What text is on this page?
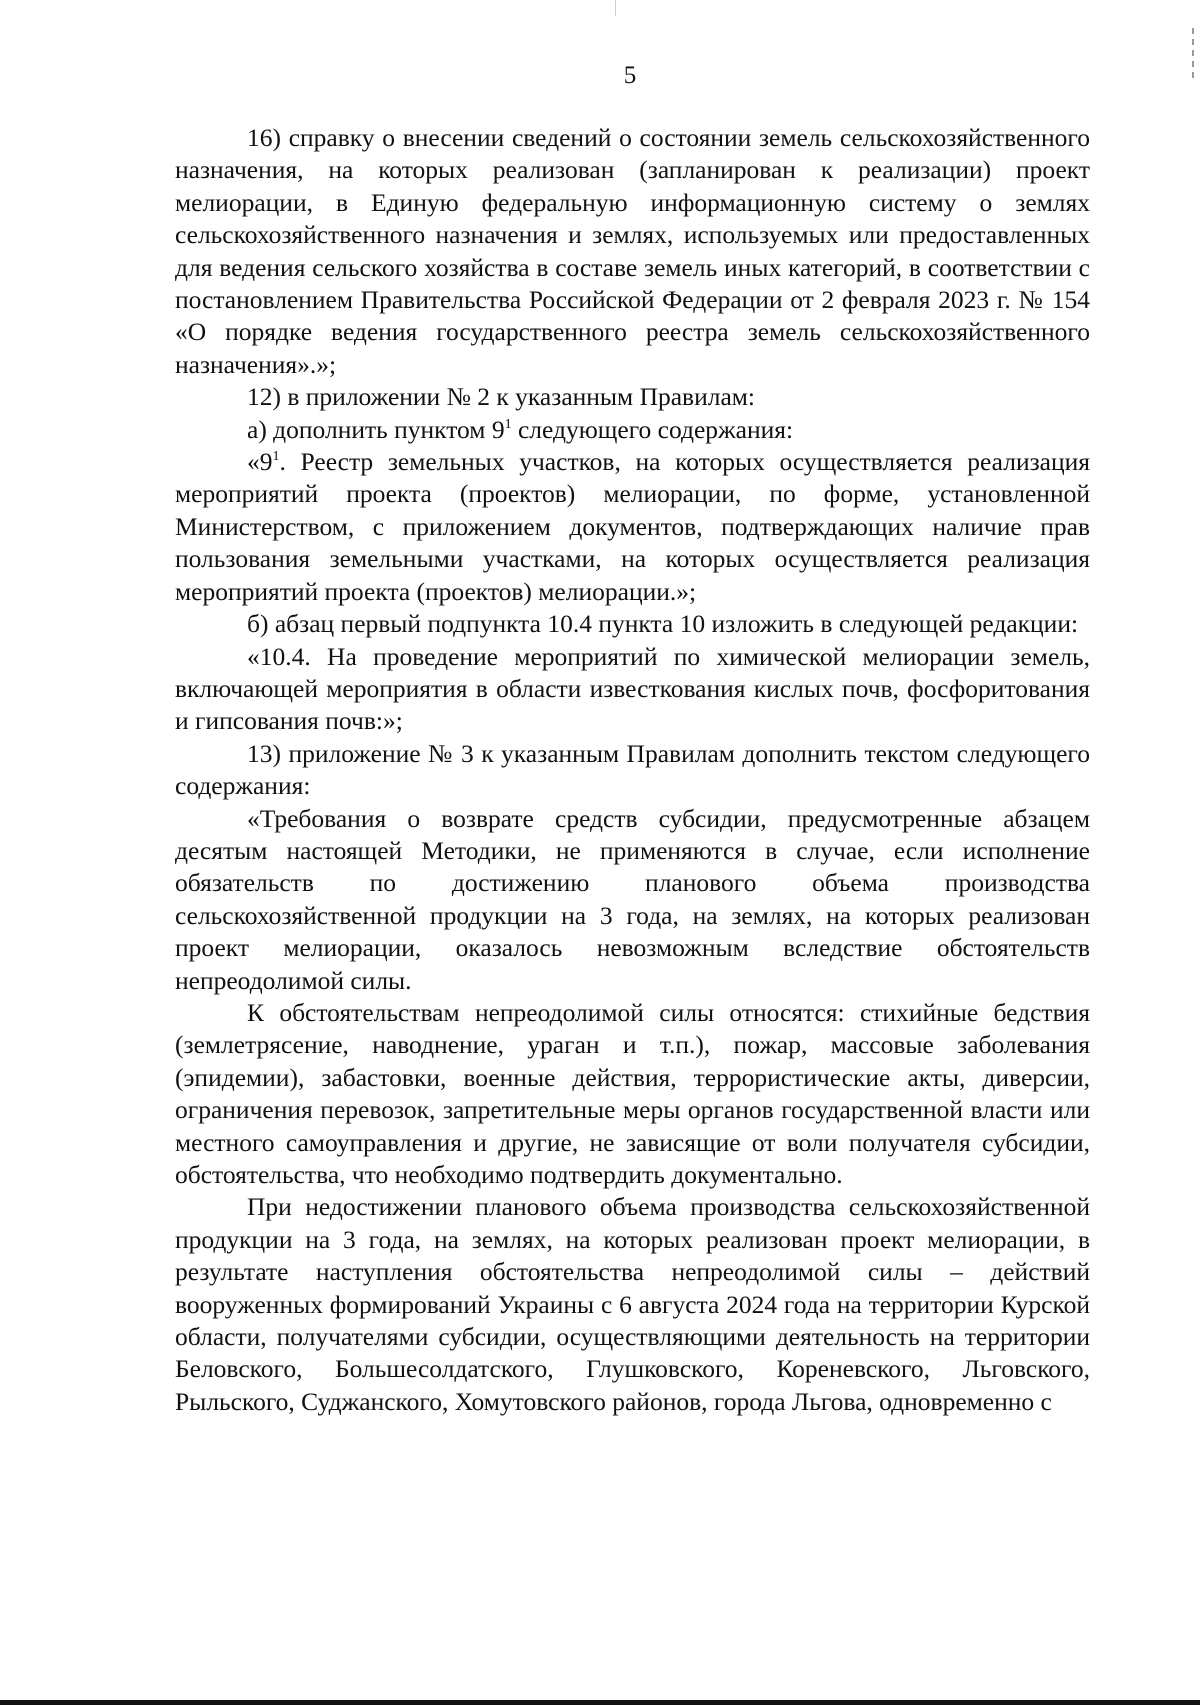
5

16) справку о внесении сведений о состоянии земель сельскохозяйственного назначения, на которых реализован (запланирован к реализации) проект мелиорации, в Единую федеральную информационную систему о землях сельскохозяйственного назначения и землях, используемых или предоставленных для ведения сельского хозяйства в составе земель иных категорий, в соответствии с постановлением Правительства Российской Федерации от 2 февраля 2023 г. № 154 «О порядке ведения государственного реестра земель сельскохозяйственного назначения».»;

12) в приложении № 2 к указанным Правилам:

а) дополнить пунктом $9^1$ следующего содержания:

«$9^1$. Реестр земельных участков, на которых осуществляется реализация мероприятий проекта (проектов) мелиорации, по форме, установленной Министерством, с приложением документов, подтверждающих наличие прав пользования земельными участками, на которых осуществляется реализация мероприятий проекта (проектов) мелиорации.»;

б) абзац первый подпункта 10.4 пункта 10 изложить в следующей редакции:

«10.4. На проведение мероприятий по химической мелиорации земель, включающей мероприятия в области известкования кислых почв, фосфоритования и гипсования почв:»;

13) приложение № 3 к указанным Правилам дополнить текстом следующего содержания:

«Требования о возврате средств субсидии, предусмотренные абзацем десятым настоящей Методики, не применяются в случае, если исполнение обязательств по достижению планового объема производства сельскохозяйственной продукции на 3 года, на землях, на которых реализован проект мелиорации, оказалось невозможным вследствие обстоятельств непреодолимой силы.

К обстоятельствам непреодолимой силы относятся: стихийные бедствия (землетрясение, наводнение, ураган и т.п.), пожар, массовые заболевания (эпидемии), забастовки, военные действия, террористические акты, диверсии, ограничения перевозок, запретительные меры органов государственной власти или местного самоуправления и другие, не зависящие от воли получателя субсидии, обстоятельства, что необходимо подтвердить документально.

При недостижении планового объема производства сельскохозяйственной продукции на 3 года, на землях, на которых реализован проект мелиорации, в результате наступления обстоятельства непреодолимой силы – действий вооруженных формирований Украины с 6 августа 2024 года на территории Курской области, получателями субсидии, осуществляющими деятельность на территории Беловского, Большесолдатского, Глушковского, Кореневского, Льговского, Рыльского, Суджанского, Хомутовского районов, города Льгова, одновременно с
